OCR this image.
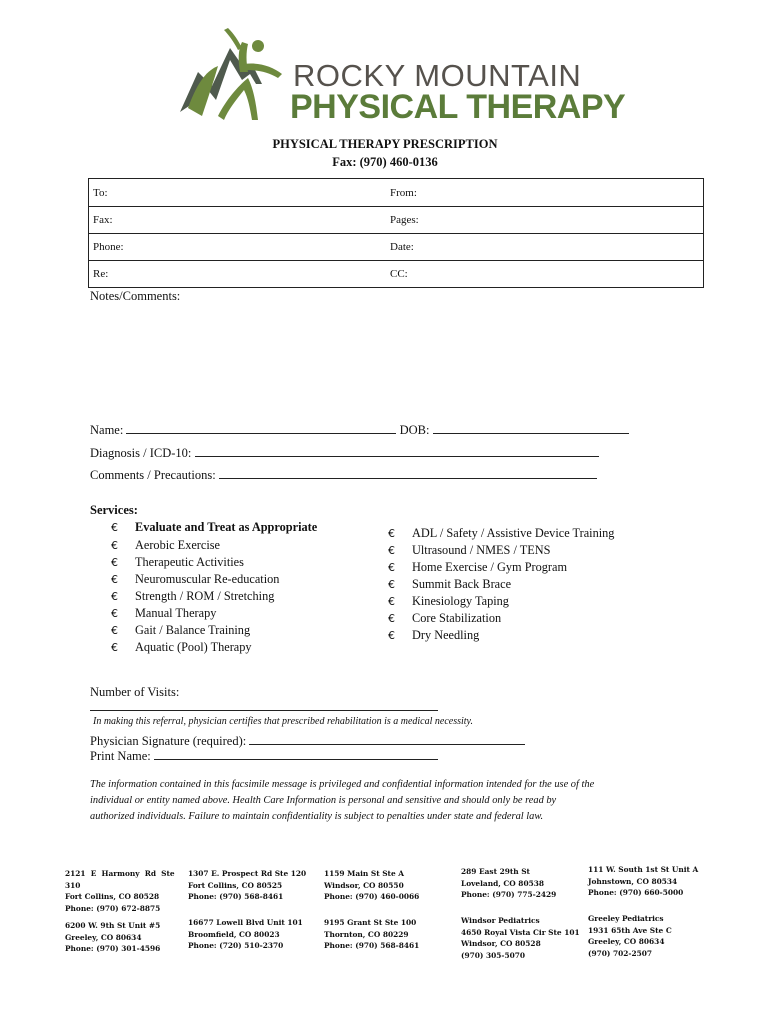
ROCKY MOUNTAIN
PHYSICAL THERAPY
PHYSICAL THERAPY PRESCRIPTION
Fax: (970) 460-0136
To:	From:
Fax:	Pages:
Phone:	Date:
Re:	CC:
Notes/Comments:
Name:	DOB:
Diagnosis / ICD-10:
Comments / Precautions:
Services:
€ Evaluate and Treat as Appropriate
€ Aerobic Exercise
€ Therapeutic Activities
€ Neuromuscular Re-education
€ Strength / ROM / Stretching
€ Manual Therapy
€ Gait / Balance Training
€ Aquatic (Pool) Therapy
€ ADL / Safety / Assistive Device Training
€ Ultrasound / NMES / TENS
€ Home Exercise / Gym Program
€ Summit Back Brace
€ Kinesiology Taping
€ Core Stabilization
€ Dry Needling
Number of Visits:
In making this referral, physician certifies that prescribed rehabilitation is a medical necessity.
Physician Signature (required):
Print Name:
The information contained in this facsimile message is privileged and confidential information intended for the use of the
individual or entity named above. Health Care Information is personal and sensitive and should only be read by
authorized individuals. Failure to maintain confidentiality is subject to penalties under state and federal law.
2121  E  Harmony  Rd  Ste
310
Fort Collins, CO 80528
Phone: (970) 672-8875
1307 E. Prospect Rd Ste 120
Fort Collins, CO 80525
Phone: (970) 568-8461
1159 Main St Ste A
Windsor, CO 80550
Phone: (970) 460-0066
289 East 29th St
Loveland, CO 80538
Phone: (970) 775-2429
111 W. South 1st St Unit A
Johnstown, CO 80534
Phone: (970) 660-5000
6200 W. 9th St Unit #5
Greeley, CO 80634
Phone: (970) 301-4596
16677 Lowell Blvd Unit 101
Broomfield, CO 80023
Phone: (720) 510-2370
9195 Grant St Ste 100
Thornton, CO 80229
Phone: (970) 568-8461
Windsor Pediatrics
4650 Royal Vista Cir Ste 101
Windsor, CO 80528
(970) 305-5070
Greeley Pediatrics
1931 65th Ave Ste C
Greeley, CO 80634
(970) 702-2507
